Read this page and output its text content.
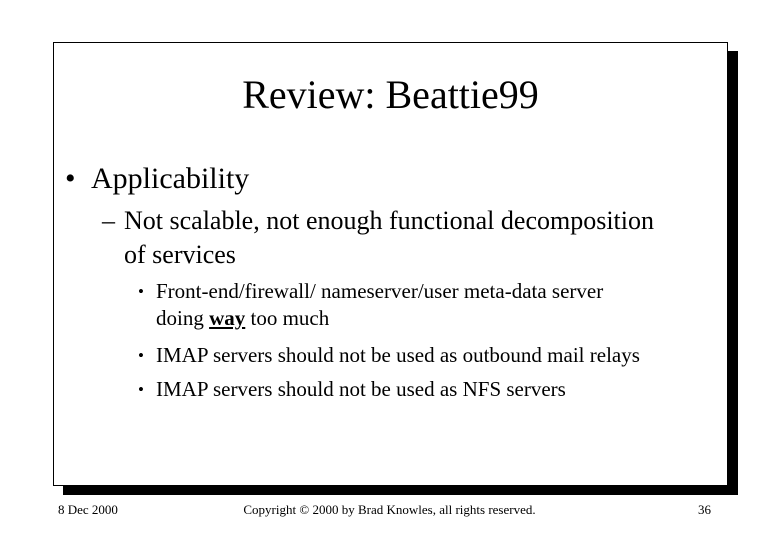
Review: Beattie99
• Applicability
– Not scalable, not enough functional decomposition
of services
• Front-end/firewall/ nameserver/user meta-data server
doing way too much
• IMAP servers should not be used as outbound mail relays
• IMAP servers should not be used as NFS servers
8 Dec 2000	Copyright © 2000 by Brad Knowles, all rights reserved.	36
